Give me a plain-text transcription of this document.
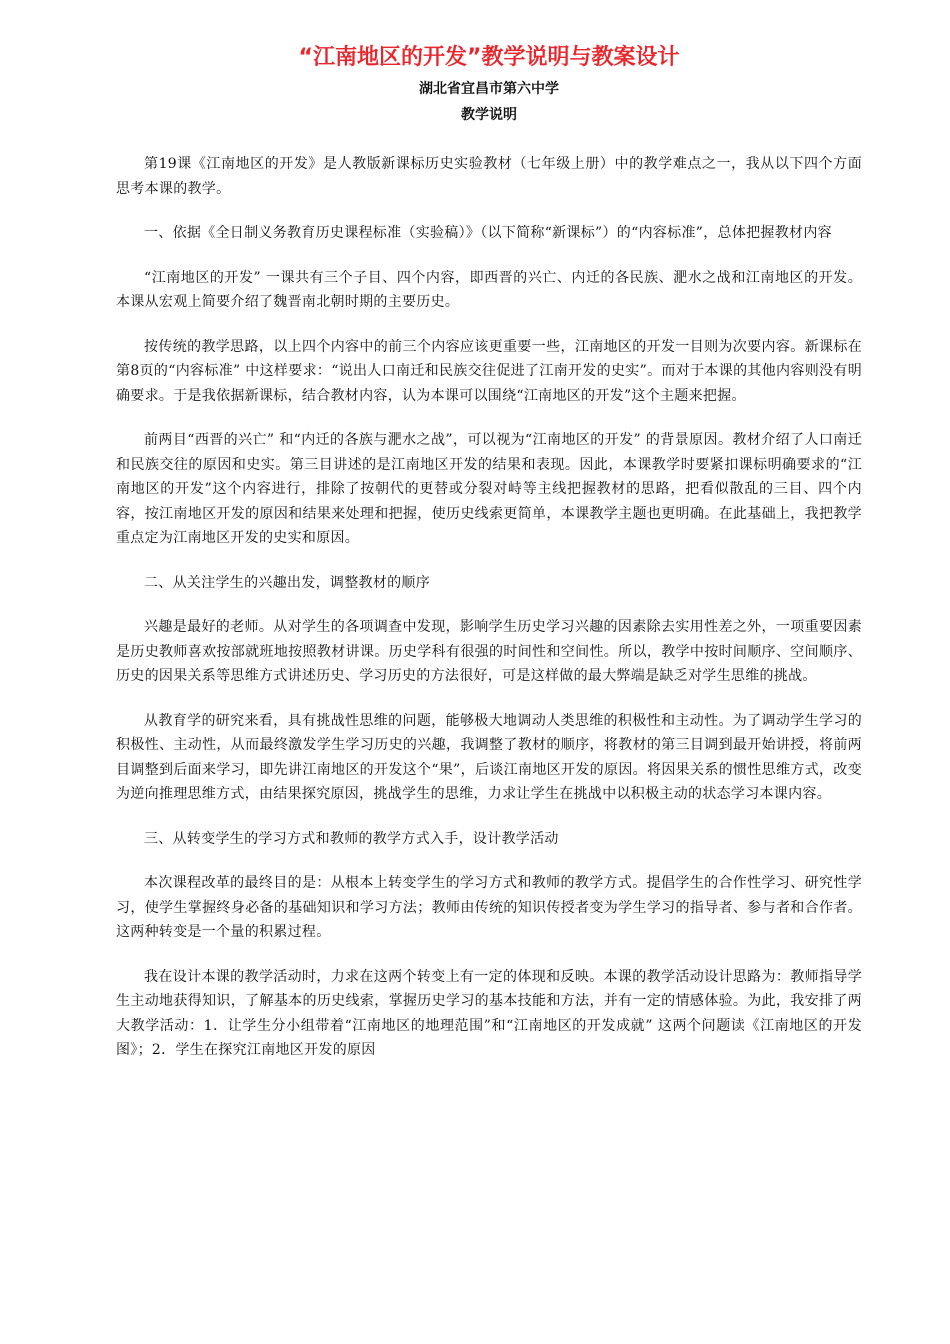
“江南地区的开发”教学说明与教案设计

湖北省宜昌市第六中学

教学说明

第19课《江南地区的开发》是人教版新课标历史实验教材（七年级上册）中的教学难点之一，我从以下四个方面思考本课的教学。

一、依据《全日制义务教育历史课程标准（实验稿）》（以下简称“新课标”）的“内容标准”，总体把握教材内容

“江南地区的开发” 一课共有三个子目、四个内容，即西晋的兴亡、内迁的各民族、淝水之战和江南地区的开发。本课从宏观上简要介绍了魏晋南北朝时期的主要历史。

按传统的教学思路，以上四个内容中的前三个内容应该更重要一些，江南地区的开发一目则为次要内容。新课标在第8页的“内容标准” 中这样要求：“说出人口南迁和民族交往促进了江南开发的史实”。而对于本课的其他内容则没有明确要求。于是我依据新课标，结合教材内容，认为本课可以围绕“江南地区的开发”这个主题来把握。

前两目“西晋的兴亡” 和“内迁的各族与淝水之战”，可以视为“江南地区的开发” 的背景原因。教材介绍了人口南迁和民族交往的原因和史实。第三目讲述的是江南地区开发的结果和表现。因此，本课教学时要紧扣课标明确要求的“江南地区的开发”这个内容进行，排除了按朝代的更替或分裂对峙等主线把握教材的思路，把看似散乱的三目、四个内容，按江南地区开发的原因和结果来处理和把握，使历史线索更简单，本课教学主题也更明确。在此基础上，我把教学重点定为江南地区开发的史实和原因。

二、从关注学生的兴趣出发，调整教材的顺序

兴趣是最好的老师。从对学生的各项调查中发现，影响学生历史学习兴趣的因素除去实用性差之外，一项重要因素是历史教师喜欢按部就班地按照教材讲课。历史学科有很强的时间性和空间性。所以，教学中按时间顺序、空间顺序、历史的因果关系等思维方式讲述历史、学习历史的方法很好，可是这样做的最大弊端是缺乏对学生思维的挑战。

从教育学的研究来看，具有挑战性思维的问题，能够极大地调动人类思维的积极性和主动性。为了调动学生学习的积极性、主动性，从而最终激发学生学习历史的兴趣，我调整了教材的顺序，将教材的第三目调到最开始讲授，将前两目调整到后面来学习，即先讲江南地区的开发这个“果”，后谈江南地区开发的原因。将因果关系的惯性思维方式，改变为逆向推理思维方式，由结果探究原因，挑战学生的思维，力求让学生在挑战中以积极主动的状态学习本课内容。

三、从转变学生的学习方式和教师的教学方式入手，设计教学活动

本次课程改革的最终目的是：从根本上转变学生的学习方式和教师的教学方式。提倡学生的合作性学习、研究性学习，使学生掌握终身必备的基础知识和学习方法；教师由传统的知识传授者变为学生学习的指导者、参与者和合作者。这两种转变是一个量的积累过程。

我在设计本课的教学活动时，力求在这两个转变上有一定的体现和反映。本课的教学活动设计思路为：教师指导学生主动地获得知识，了解基本的历史线索，掌握历史学习的基本技能和方法，并有一定的情感体验。为此，我安排了两大教学活动：1．让学生分小组带着“江南地区的地理范围”和“江南地区的开发成就” 这两个问题读《江南地区的开发图》；2．学生在探究江南地区开发的原因
